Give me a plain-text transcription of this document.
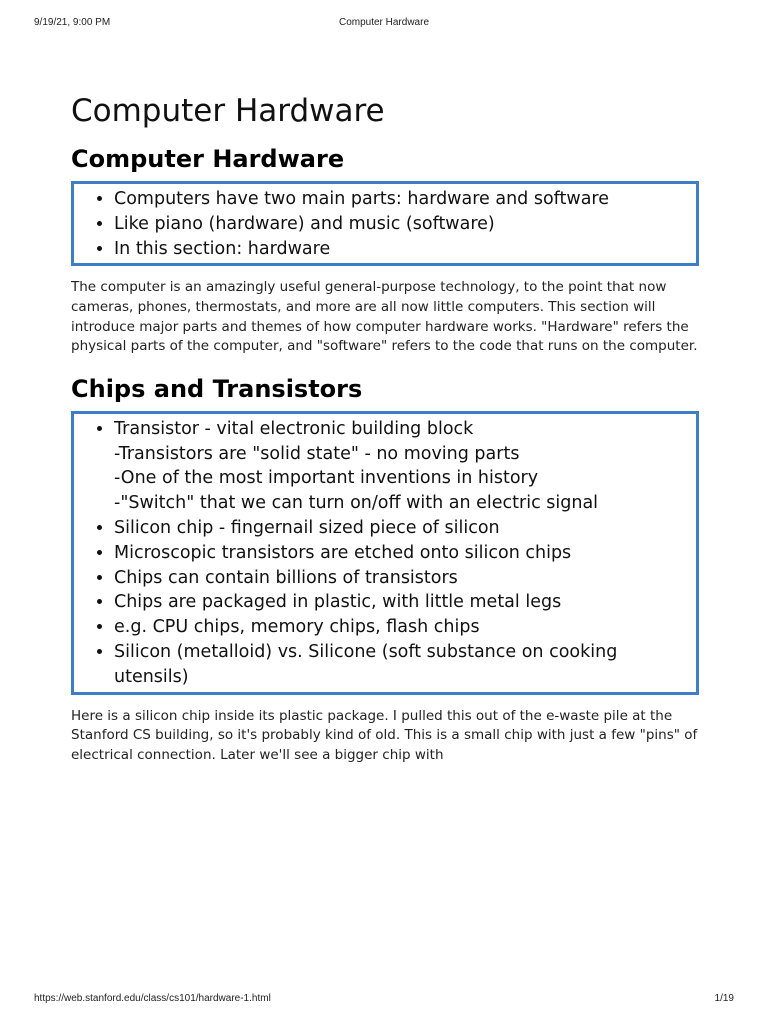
9/19/21, 9:00 PM	Computer Hardware
Computer Hardware
Computer Hardware
• Computers have two main parts: hardware and software
• Like piano (hardware) and music (software)
• In this section: hardware

The computer is an amazingly useful general-purpose technology, to the point that now cameras, phones, thermostats, and more are all now little computers. This section will introduce major parts and themes of how computer hardware works. "Hardware" refers the physical parts of the computer, and "software" refers to the code that runs on the computer.

Chips and Transistors
• Transistor - vital electronic building block
-Transistors are "solid state" - no moving parts
-One of the most important inventions in history
-"Switch" that we can turn on/off with an electric signal
• Silicon chip - fingernail sized piece of silicon
• Microscopic transistors are etched onto silicon chips
• Chips can contain billions of transistors
• Chips are packaged in plastic, with little metal legs
• e.g. CPU chips, memory chips, flash chips
• Silicon (metalloid) vs. Silicone (soft substance on cooking utensils)

Here is a silicon chip inside its plastic package. I pulled this out of the e-waste pile at the Stanford CS building, so it's probably kind of old. This is a small chip with just a few "pins" of electrical connection. Later we'll see a bigger chip with

https://web.stanford.edu/class/cs101/hardware-1.html	1/19
